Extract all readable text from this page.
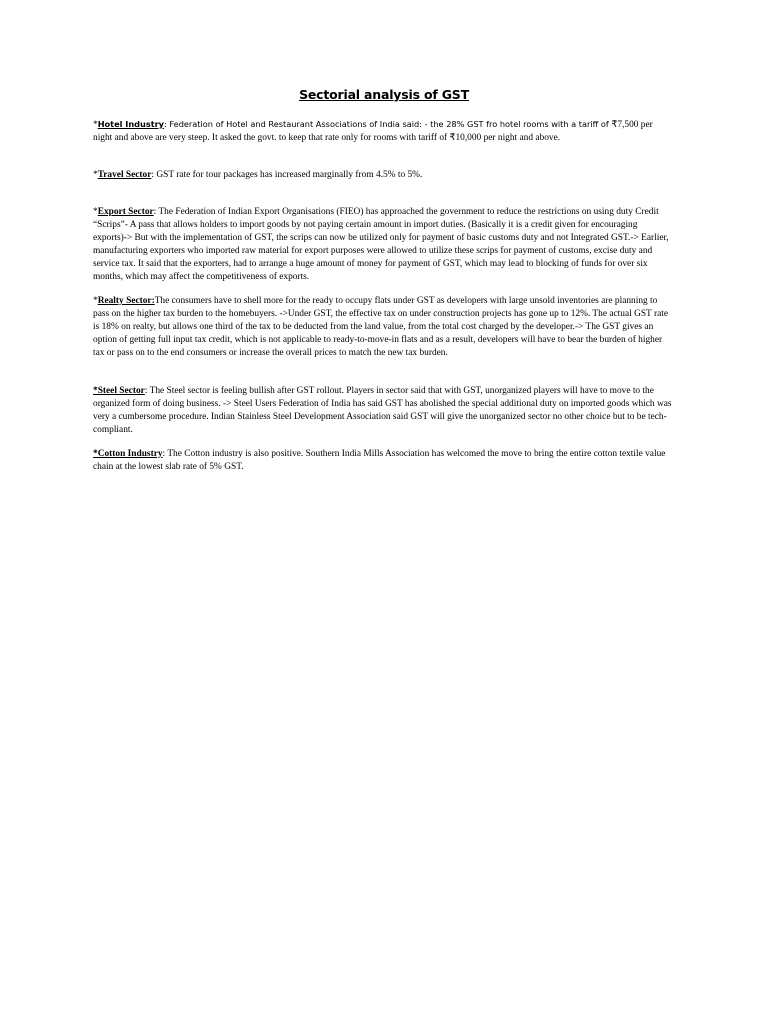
Sectorial analysis of GST

*Hotel Industry: Federation of Hotel and Restaurant Associations of India said: - the 28% GST fro hotel rooms with a tariff of ₹7,500 per night and above are very steep. It asked the govt. to keep that rate only for rooms with tariff of ₹10,000 per night and above.

*Travel Sector: GST rate for tour packages has increased marginally from 4.5% to 5%.

*Export Sector: The Federation of Indian Export Organisations (FIEO) has approached the government to reduce the restrictions on using duty Credit “Scrips”- A pass that allows holders to import goods by not paying certain amount in import duties. (Basically it is a credit given for encouraging exports)-> But with the implementation of GST, the scrips can now be utilized only for payment of basic customs duty and not Integrated GST.-> Earlier, manufacturing exporters who imported raw material for export purposes were allowed to utilize these scrips for payment of customs, excise duty and service tax. It said that the exporters, had to arrange a huge amount of money for payment of GST, which may lead to blocking of funds for over six months, which may affect the competitiveness of exports.

*Realty Sector:The consumers have to shell more for the ready to occupy flats under GST as developers with large unsold inventories are planning to pass on the higher tax burden to the homebuyers. ->Under GST, the effective tax on under construction projects has gone up to 12%. The actual GST rate is 18% on realty, but allows one third of the tax to be deducted from the land value, from the total cost charged by the developer.-> The GST gives an option of getting full input tax credit, which is not applicable to ready-to-move-in flats and as a result, developers will have to bear the burden of higher tax or pass on to the end consumers or increase the overall prices to match the new tax burden.

*Steel Sector: The Steel sector is feeling bullish after GST rollout. Players in sector said that with GST, unorganized players will have to move to the organized form of doing business. -> Steel Users Federation of India has said GST has abolished the special additional duty on imported goods which was very a cumbersome procedure. Indian Stainless Steel Development Association said GST will give the unorganized sector no other choice but to be tech-compliant.

*Cotton Industry: The Cotton industry is also positive. Southern India Mills Association has welcomed the move to bring the entire cotton textile value chain at the lowest slab rate of 5% GST.
